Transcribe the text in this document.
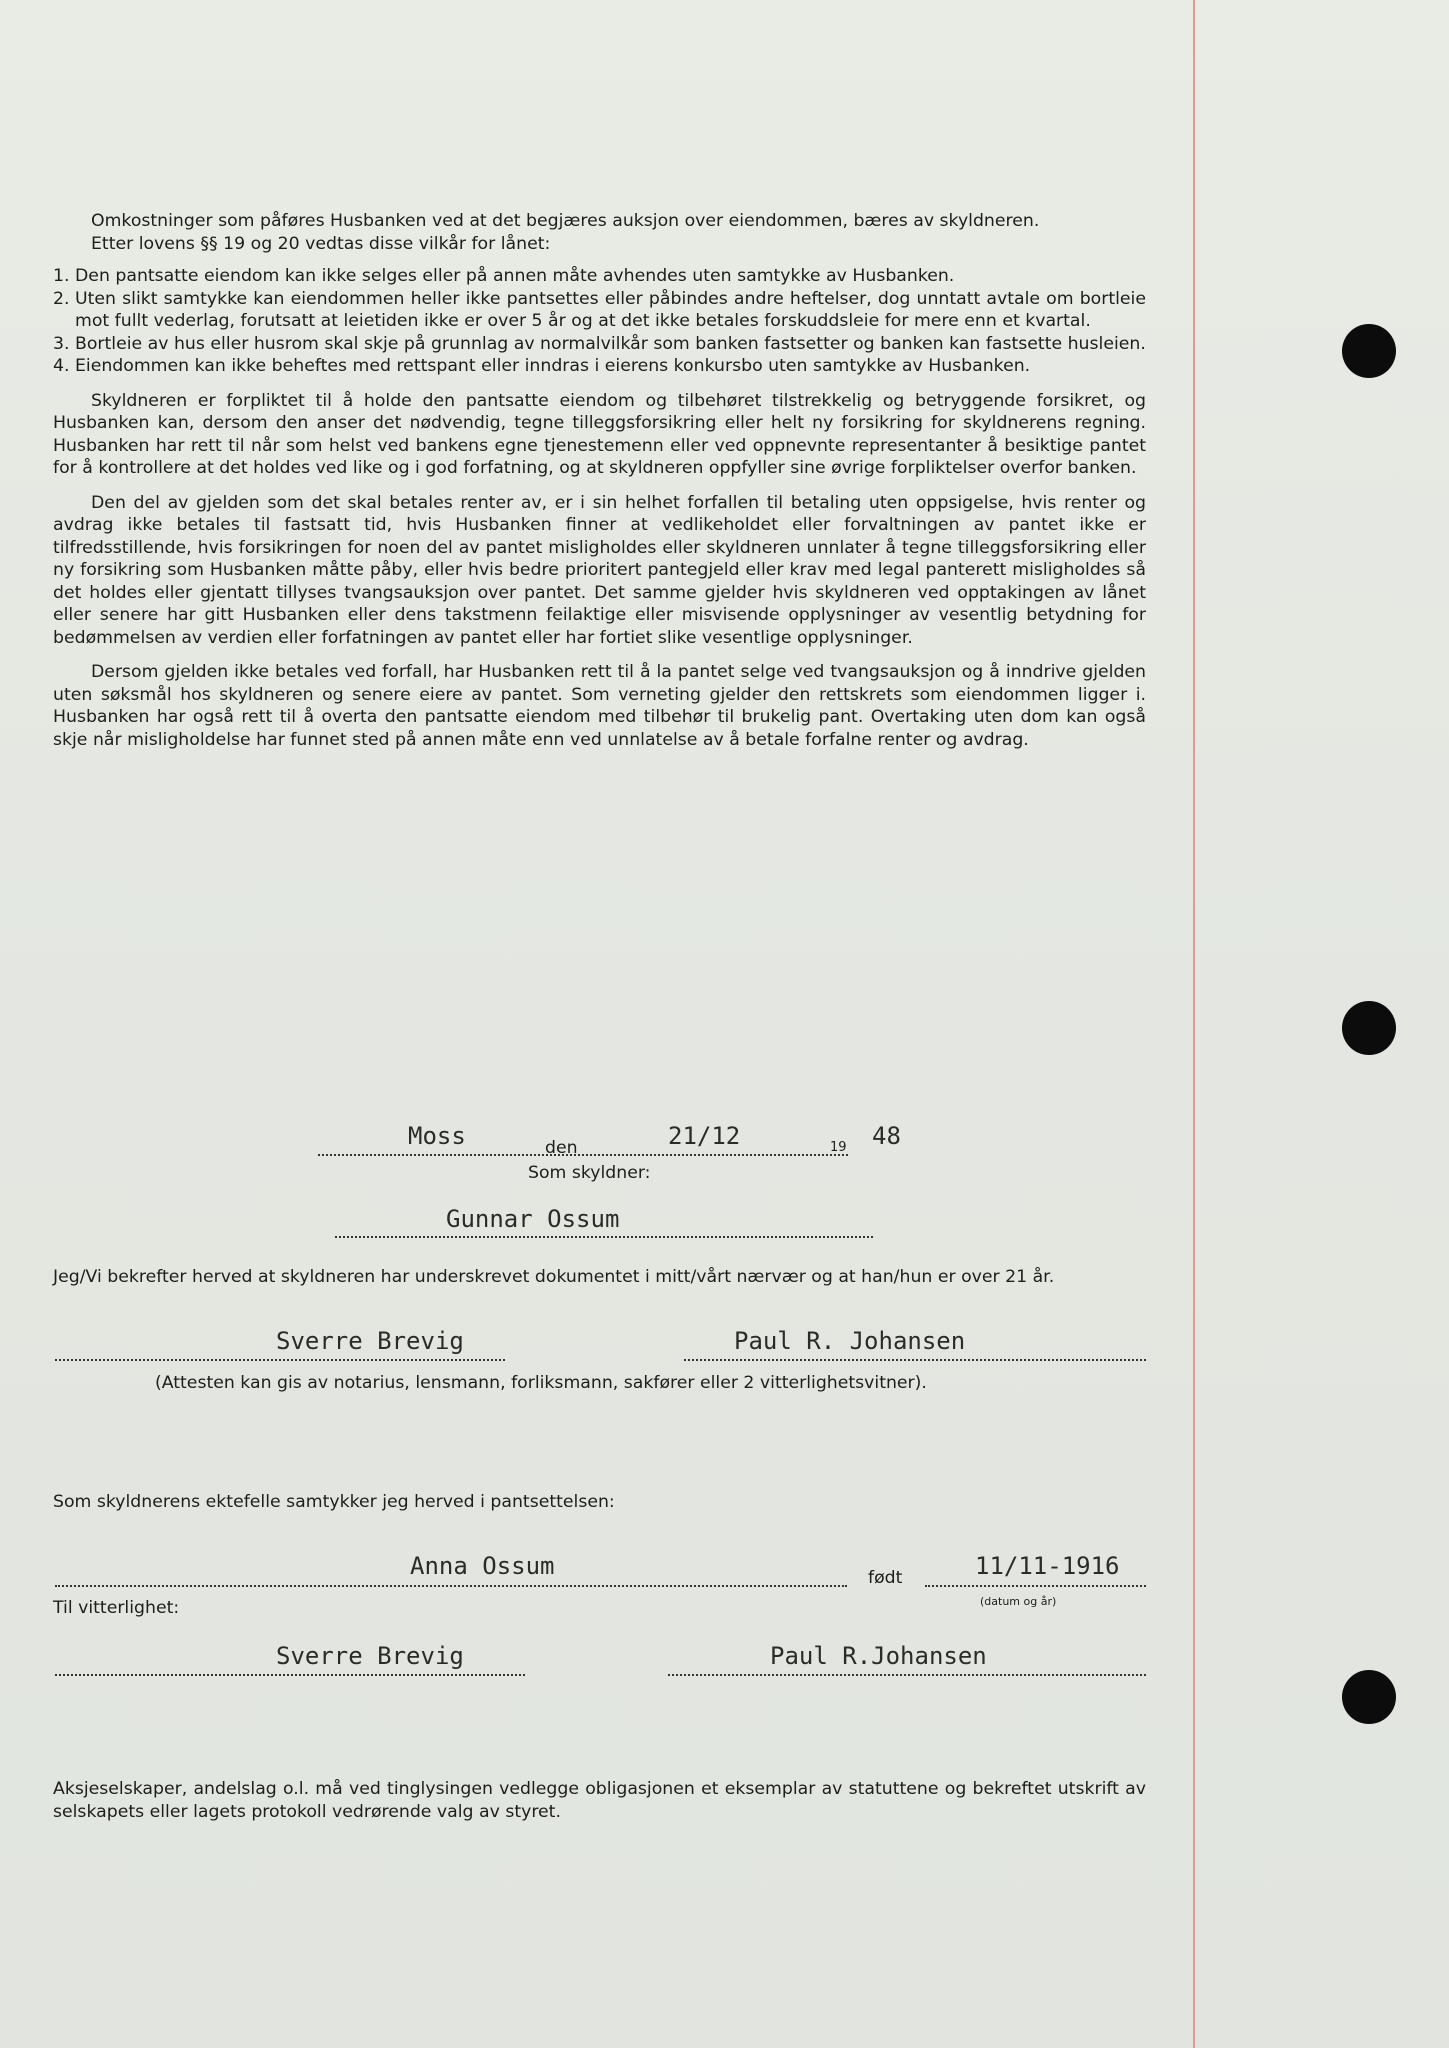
Omkostninger som påføres Husbanken ved at det begjæres auksjon over eiendommen, bæres av skyldneren.

Etter lovens §§ 19 og 20 vedtas disse vilkår for lånet:

1. Den pantsatte eiendom kan ikke selges eller på annen måte avhendes uten samtykke av Husbanken.
2. Uten slikt samtykke kan eiendommen heller ikke pantsettes eller påbindes andre heftelser, dog unntatt avtale om bortleie mot fullt vederlag, forutsatt at leietiden ikke er over 5 år og at det ikke betales forskuddsleie for mere enn et kvartal.
3. Bortleie av hus eller husrom skal skje på grunnlag av normalvilkår som banken fastsetter og banken kan fastsette husleien.
4. Eiendommen kan ikke beheftes med rettspant eller inndras i eierens konkursbo uten samtykke av Husbanken.

Skyldneren er forpliktet til å holde den pantsatte eiendom og tilbehøret tilstrekkelig og betryggende forsikret, og Husbanken kan, dersom den anser det nødvendig, tegne tilleggsforsikring eller helt ny forsikring for skyldnerens regning. Husbanken har rett til når som helst ved bankens egne tjenestemenn eller ved oppnevnte representanter å besiktige pantet for å kontrollere at det holdes ved like og i god forfatning, og at skyldneren oppfyller sine øvrige forpliktelser overfor banken.

Den del av gjelden som det skal betales renter av, er i sin helhet forfallen til betaling uten oppsigelse, hvis renter og avdrag ikke betales til fastsatt tid, hvis Husbanken finner at vedlikeholdet eller forvaltningen av pantet ikke er tilfredsstillende, hvis forsikringen for noen del av pantet misligholdes eller skyldneren unnlater å tegne tilleggsforsikring eller ny forsikring som Husbanken måtte påby, eller hvis bedre prioritert pantegjeld eller krav med legal panterett misligholdes så det holdes eller gjentatt tillyses tvangsauksjon over pantet. Det samme gjelder hvis skyldneren ved opptakingen av lånet eller senere har gitt Husbanken eller dens takstmenn feilaktige eller misvisende opplysninger av vesentlig betydning for bedømmelsen av verdien eller forfatningen av pantet eller har fortiet slike vesentlige opplysninger.

Dersom gjelden ikke betales ved forfall, har Husbanken rett til å la pantet selge ved tvangsauksjon og å inndrive gjelden uten søksmål hos skyldneren og senere eiere av pantet. Som verneting gjelder den rettskrets som eiendommen ligger i. Husbanken har også rett til å overta den pantsatte eiendom med tilbehør til brukelig pant. Overtaking uten dom kan også skje når misligholdelse har funnet sted på annen måte enn ved unnlatelse av å betale forfalne renter og avdrag.

Moss	den	21/12	19 48
Som skyldner:
Gunnar Ossum
Jeg/Vi bekrefter herved at skyldneren har underskrevet dokumentet i mitt/vårt nærvær og at han/hun er over 21 år.
Sverre Brevig	Paul R. Johansen
(Attesten kan gis av notarius, lensmann, forliksmann, sakfører eller 2 vitterlighetsvitner).
Som skyldnerens ektefelle samtykker jeg herved i pantsettelsen:
Anna Ossum	født	11/11-1916
(datum og år)
Til vitterlighet:
Sverre Brevig	Paul R.Johansen
Aksjeselskaper, andelslag o.l. må ved tinglysingen vedlegge obligasjonen et eksemplar av statuttene og bekreftet utskrift av selskapets eller lagets protokoll vedrørende valg av styret.
